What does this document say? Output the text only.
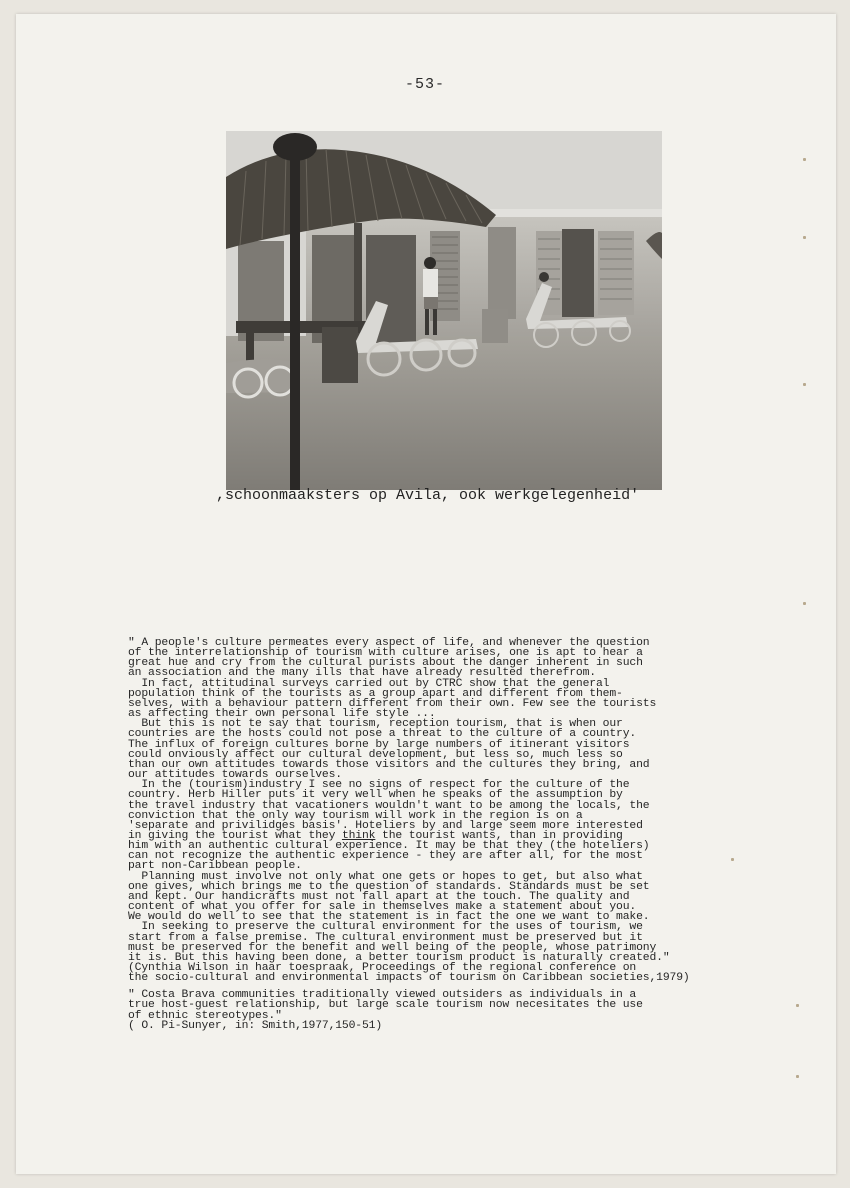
-53-
,schoonmaaksters op Avila, ook werkgelegenheid'

" A people's culture permeates every aspect of life, and whenever the question

of the interrelationship of tourism with culture arises, one is apt to hear a

great hue and cry from the cultural purists about the danger inherent in such

an association and the many ills that have already resulted therefrom.

In fact, attitudinal surveys carried out by CTRC show that the general

population think of the tourists as a group apart and different from them-

selves, with a behaviour pattern different from their own. Few see the tourists

as affecting their own personal life style ...

But this is not te say that tourism, reception tourism, that is when our

countries are the hosts could not pose a threat to the culture of a country.

The influx of foreign cultures borne by large numbers of itinerant visitors

could onviously affect our cultural development, but less so, much less so

than our own attitudes towards those visitors and the cultures they bring, and

our attitudes towards ourselves.

In the (tourism)industry I see no signs of respect for the culture of the

country. Herb Hiller puts it very well when he speaks of the assumption by

the travel industry that vacationers wouldn't want to be among the locals, the

conviction that the only way tourism will work in the region is on a

'separate and privilidges basis'. Hoteliers by and large seem more interested

in giving the tourist what they think the tourist wants, than in providing

him with an authentic cultural experience. It may be that they (the hoteliers)

can not recognize the authentic experience - they are after all, for the most

part non-Caribbean people.

Planning must involve not only what one gets or hopes to get, but also what

one gives, which brings me to the question of standards. Standards must be set

and kept. Our handicrafts must not fall apart at the touch. The quality and

content of what you offer for sale in themselves make a statement about you.

We would do well to see that the statement is in fact the one we want to make.

In seeking to preserve the cultural environment for the uses of tourism, we

start from a false premise. The cultural environment must be preserved but it

must be preserved for the benefit and well being of the people, whose patrimony

it is. But this having been done, a better tourism product is naturally created."

(Cynthia Wilson in haar toespraak, Proceedings of the regional conference on

the socio-cultural and environmental impacts of tourism on Caribbean societies,1979)

" Costa Brava communities traditionally viewed outsiders as individuals in a

true host-guest relationship, but large scale tourism now necesitates the use

of ethnic stereotypes."

( O. Pi-Sunyer, in: Smith,1977,150-51)
